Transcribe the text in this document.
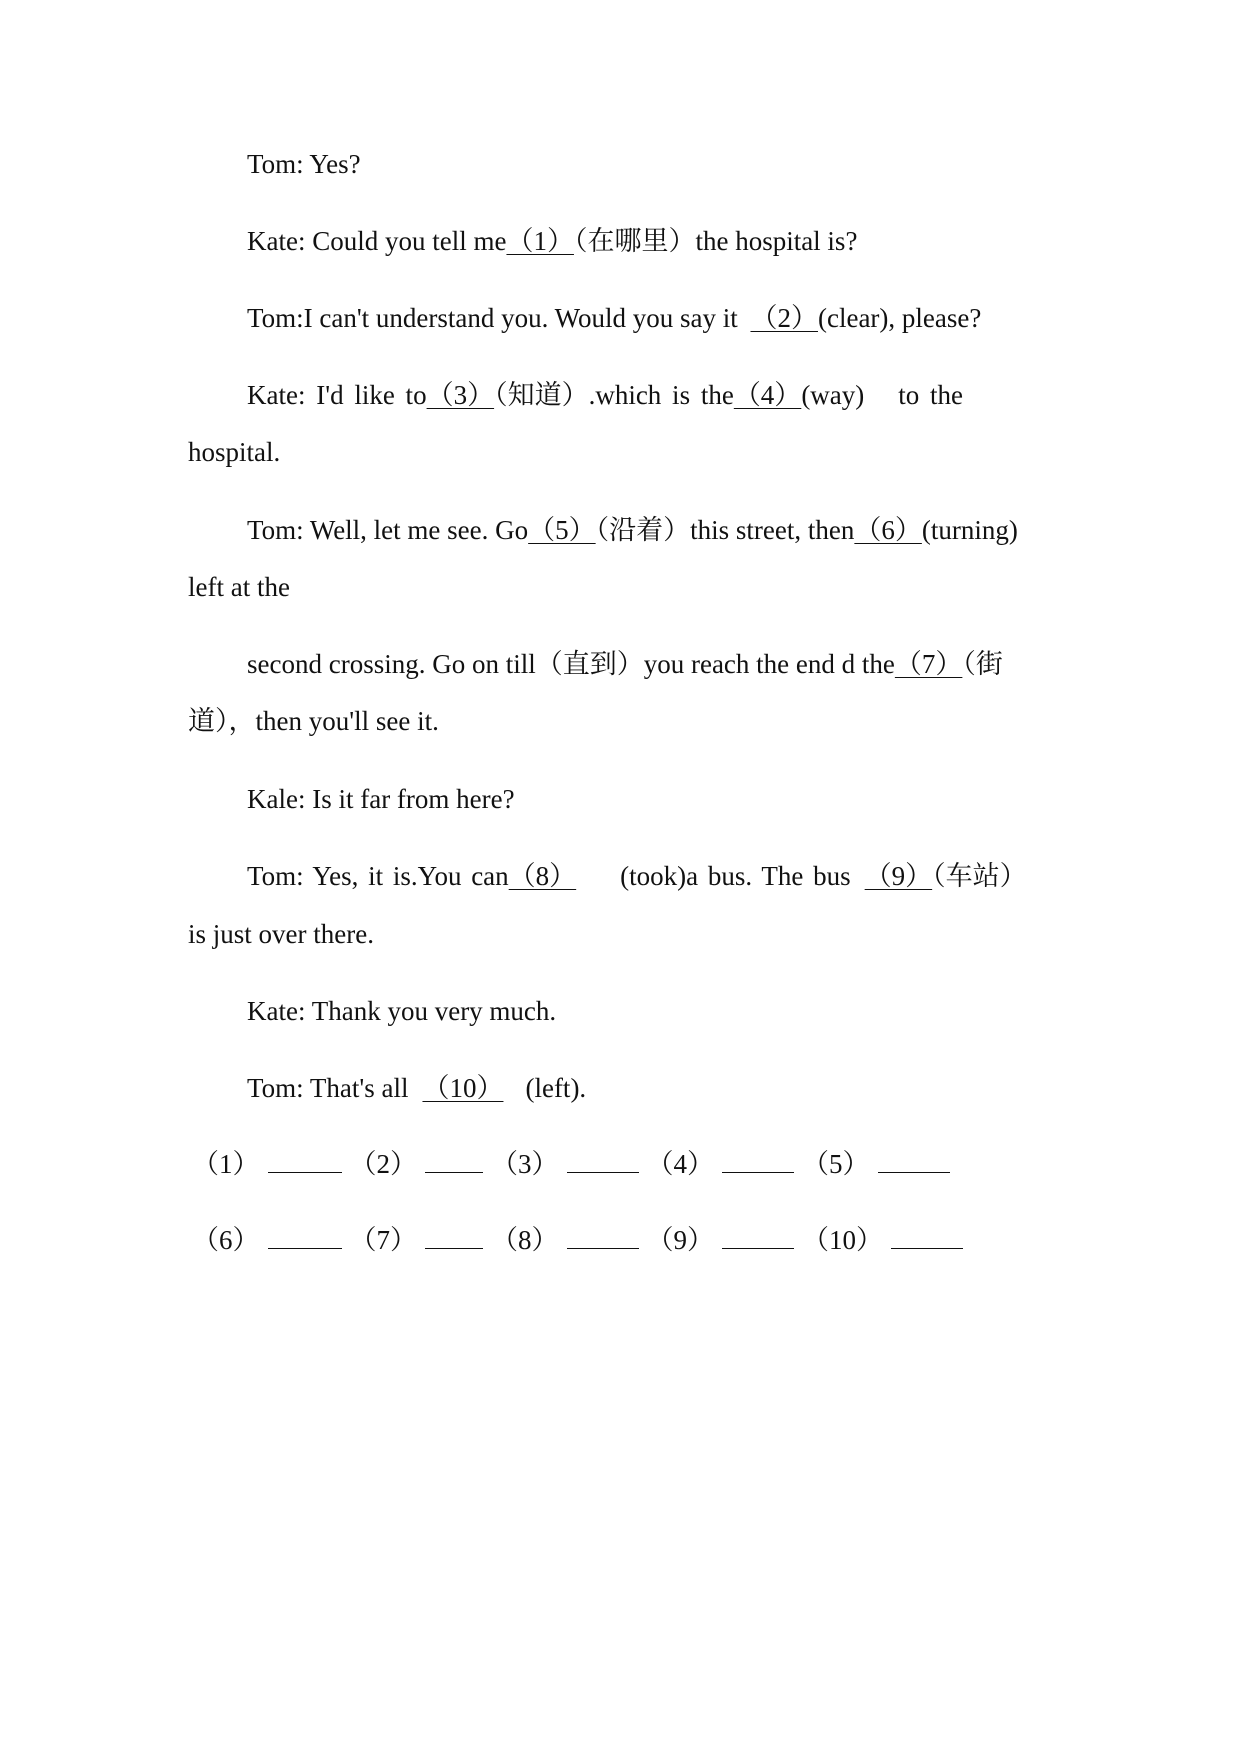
Tom: Yes?
Kate: Could you tell me（1）（在哪里）the hospital is?
Tom:I can't understand you. Would you say it （2）(clear), please?
Kate: I'd like to（3）（知道）.which is the（4）(way) to the
hospital.
Tom: Well, let me see. Go（5）（沿着）this street, then（6）(turning)
left at the
second crossing. Go on till（直到）you reach the end d the（7）（街
道），then you'll see it.
Kale: Is it far from here?
Tom: Yes, it is.You can（8） (took)a bus. The bus （9）（车站）
is just over there.
Kate: Thank you very much.
Tom: That's all （10） (left).
（1）	（2）	（3）	（4）	（5）
（6）	（7）	（8）	（9）	（10）
